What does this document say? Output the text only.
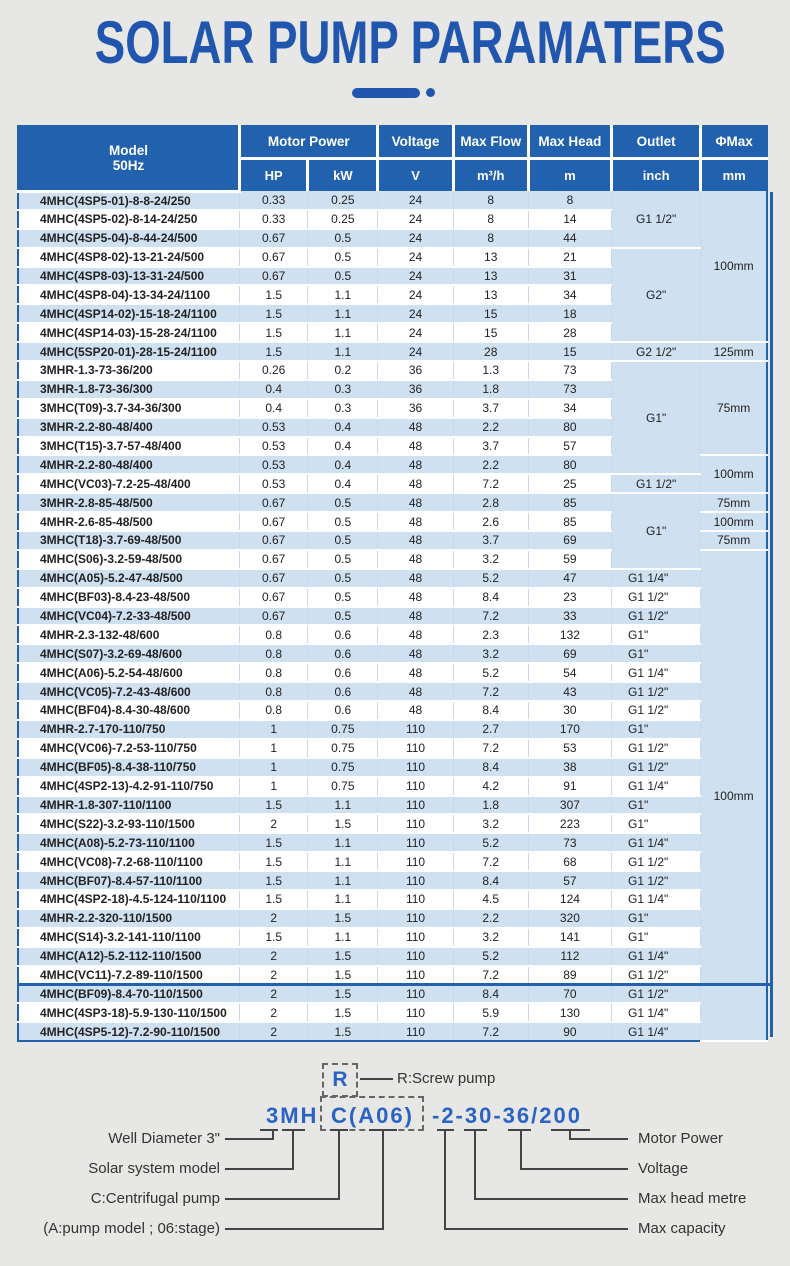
SOLAR PUMP PARAMATERS
Model
50Hz	Motor Power		Voltage	Max Flow	Max Head	Outlet	ΦMax
	HP	kW	V	m³/h	m	inch	mm
4MHC(4SP5-01)-8-8-24/250	0.33	0.25	24	8	8	G1 1/2"	100mm
4MHC(4SP5-02)-8-14-24/250	0.33	0.25	24	8	14		
4MHC(4SP5-04)-8-44-24/500	0.67	0.5	24	8	44		
4MHC(4SP8-02)-13-21-24/500	0.67	0.5	24	13	21	G2"	
4MHC(4SP8-03)-13-31-24/500	0.67	0.5	24	13	31		
4MHC(4SP8-04)-13-34-24/1100	1.5	1.1	24	13	34		
4MHC(4SP14-02)-15-18-24/1100	1.5	1.1	24	15	18		
4MHC(4SP14-03)-15-28-24/1100	1.5	1.1	24	15	28		
4MHC(5SP20-01)-28-15-24/1100	1.5	1.1	24	28	15	G2 1/2"	125mm
3MHR-1.3-73-36/200	0.26	0.2	36	1.3	73	G1"	75mm
3MHR-1.8-73-36/300	0.4	0.3	36	1.8	73		
3MHC(T09)-3.7-34-36/300	0.4	0.3	36	3.7	34		
3MHR-2.2-80-48/400	0.53	0.4	48	2.2	80		
3MHC(T15)-3.7-57-48/400	0.53	0.4	48	3.7	57		
4MHR-2.2-80-48/400	0.53	0.4	48	2.2	80		100mm
4MHC(VC03)-7.2-25-48/400	0.53	0.4	48	7.2	25	G1 1/2"	
3MHR-2.8-85-48/500	0.67	0.5	48	2.8	85	G1"	75mm
4MHR-2.6-85-48/500	0.67	0.5	48	2.6	85		100mm
3MHC(T18)-3.7-69-48/500	0.67	0.5	48	3.7	69		75mm
4MHC(S06)-3.2-59-48/500	0.67	0.5	48	3.2	59		100mm
4MHC(A05)-5.2-47-48/500	0.67	0.5	48	5.2	47	G1 1/4"	
4MHC(BF03)-8.4-23-48/500	0.67	0.5	48	8.4	23	G1 1/2"	
4MHC(VC04)-7.2-33-48/500	0.67	0.5	48	7.2	33	G1 1/2"	
4MHR-2.3-132-48/600	0.8	0.6	48	2.3	132	G1"	
4MHC(S07)-3.2-69-48/600	0.8	0.6	48	3.2	69	G1"	
4MHC(A06)-5.2-54-48/600	0.8	0.6	48	5.2	54	G1 1/4"	
4MHC(VC05)-7.2-43-48/600	0.8	0.6	48	7.2	43	G1 1/2"	
4MHC(BF04)-8.4-30-48/600	0.8	0.6	48	8.4	30	G1 1/2"	
4MHR-2.7-170-110/750	1	0.75	110	2.7	170	G1"	
4MHC(VC06)-7.2-53-110/750	1	0.75	110	7.2	53	G1 1/2"	
4MHC(BF05)-8.4-38-110/750	1	0.75	110	8.4	38	G1 1/2"	
4MHC(4SP2-13)-4.2-91-110/750	1	0.75	110	4.2	91	G1 1/4"	
4MHR-1.8-307-110/1100	1.5	1.1	110	1.8	307	G1"	
4MHC(S22)-3.2-93-110/1500	2	1.5	110	3.2	223	G1"	
4MHC(A08)-5.2-73-110/1100	1.5	1.1	110	5.2	73	G1 1/4"	
4MHC(VC08)-7.2-68-110/1100	1.5	1.1	110	7.2	68	G1 1/2"	
4MHC(BF07)-8.4-57-110/1100	1.5	1.1	110	8.4	57	G1 1/2"	
4MHC(4SP2-18)-4.5-124-110/1100	1.5	1.1	110	4.5	124	G1 1/4"	
4MHR-2.2-320-110/1500	2	1.5	110	2.2	320	G1"	
4MHC(S14)-3.2-141-110/1100	1.5	1.1	110	3.2	141	G1"	
4MHC(A12)-5.2-112-110/1500	2	1.5	110	5.2	112	G1 1/4"	
4MHC(VC11)-7.2-89-110/1500	2	1.5	110	7.2	89	G1 1/2"	
4MHC(BF09)-8.4-70-110/1500	2	1.5	110	8.4	70	G1 1/2"	
4MHC(4SP3-18)-5.9-130-110/1500	2	1.5	110	5.9	130	G1 1/4"	
4MHC(4SP5-12)-7.2-90-110/1500	2	1.5	110	7.2	90	G1 1/4"	
R	R:Screw pump
3MH C(A06) -2-30-36/200
Well Diameter 3"
Solar system model
C:Centrifugal pump
(A:pump model ; 06:stage)
Motor Power
Voltage
Max head metre
Max capacity
